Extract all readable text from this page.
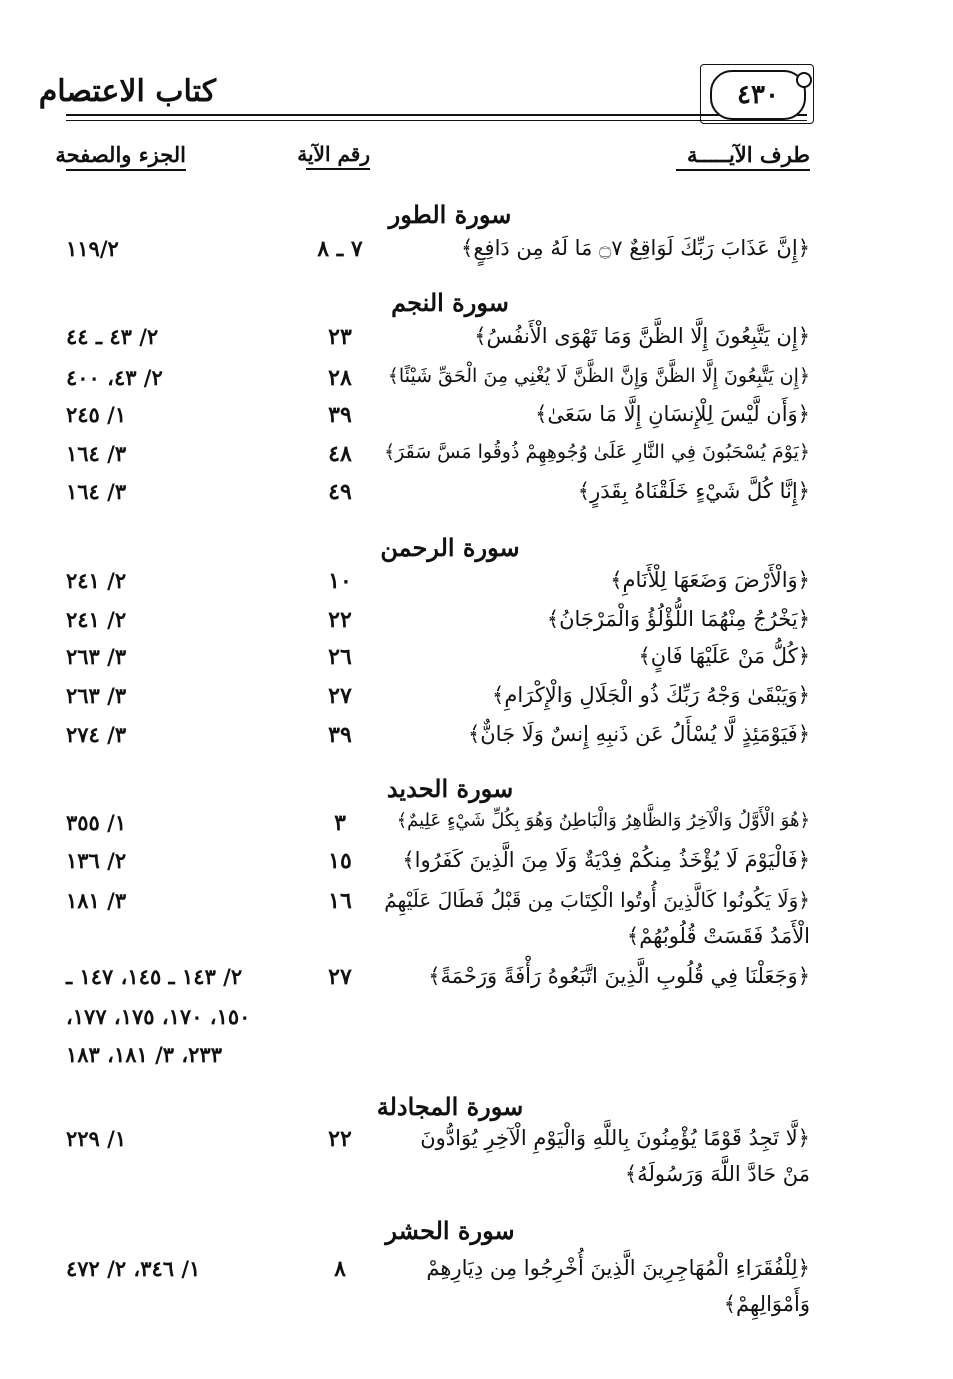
كتاب الاعتصام	٤٣٠
طرف الآيـــــة
رقم الآية
الجزء والصفحة
سورة الطور
﴿إِنَّ عَذَابَ رَبِّكَ لَوَاقِعٌ ۝٧ مَا لَهُ مِن دَافِعٍ﴾
٧ ـ ٨
١١٩/٢
سورة النجم
﴿إِن يَتَّبِعُونَ إِلَّا الظَّنَّ وَمَا تَهْوَى الْأَنفُسُ﴾
٢٣
٢/ ٤٣ ـ ٤٤
﴿إِن يَتَّبِعُونَ إِلَّا الظَّنَّ وَإِنَّ الظَّنَّ لَا يُغْنِي مِنَ الْحَقِّ شَيْئًا﴾
٢٨
٢/ ٤٣، ٤٠٠
﴿وَأَن لَّيْسَ لِلْإِنسَانِ إِلَّا مَا سَعَىٰ﴾
٣٩
١/ ٢٤٥
﴿يَوْمَ يُسْحَبُونَ فِي النَّارِ عَلَىٰ وُجُوهِهِمْ ذُوقُوا مَسَّ سَقَرَ﴾
٤٨
٣/ ١٦٤
﴿إِنَّا كُلَّ شَيْءٍ خَلَقْنَاهُ بِقَدَرٍ﴾
٤٩
٣/ ١٦٤
سورة الرحمن
﴿وَالْأَرْضَ وَضَعَهَا لِلْأَنَامِ﴾
١٠
٢/ ٢٤١
﴿يَخْرُجُ مِنْهُمَا اللُّؤْلُؤُ وَالْمَرْجَانُ﴾
٢٢
٢/ ٢٤١
﴿كُلُّ مَنْ عَلَيْهَا فَانٍ﴾
٢٦
٣/ ٢٦٣
﴿وَيَبْقَىٰ وَجْهُ رَبِّكَ ذُو الْجَلَالِ وَالْإِكْرَامِ﴾
٢٧
٣/ ٢٦٣
﴿فَيَوْمَئِذٍ لَّا يُسْأَلُ عَن ذَنبِهِ إِنسٌ وَلَا جَانٌّ﴾
٣٩
٣/ ٢٧٤
سورة الحديد
﴿هُوَ الْأَوَّلُ وَالْآخِرُ وَالظَّاهِرُ وَالْبَاطِنُ وَهُوَ بِكُلِّ شَيْءٍ عَلِيمٌ﴾
٣
١/ ٣٥٥
﴿فَالْيَوْمَ لَا يُؤْخَذُ مِنكُمْ فِدْيَةٌ وَلَا مِنَ الَّذِينَ كَفَرُوا﴾
١٥
٢/ ١٣٦
﴿وَلَا يَكُونُوا كَالَّذِينَ أُوتُوا الْكِتَابَ مِن قَبْلُ فَطَالَ عَلَيْهِمُ
الْأَمَدُ فَقَسَتْ قُلُوبُهُمْ﴾
١٦
٣/ ١٨١
﴿وَجَعَلْنَا فِي قُلُوبِ الَّذِينَ اتَّبَعُوهُ رَأْفَةً وَرَحْمَةً﴾
٢٧
٢/ ١٤٣ ـ ١٤٥، ١٤٧ ـ
١٥٠، ١٧٠، ١٧٥، ١٧٧،
٢٣٣، ٣/ ١٨١، ١٨٣
سورة المجادلة
﴿لَّا تَجِدُ قَوْمًا يُؤْمِنُونَ بِاللَّهِ وَالْيَوْمِ الْآخِرِ يُوَادُّونَ
مَنْ حَادَّ اللَّهَ وَرَسُولَهُ﴾
٢٢
١/ ٢٢٩
سورة الحشر
﴿لِلْفُقَرَاءِ الْمُهَاجِرِينَ الَّذِينَ أُخْرِجُوا مِن دِيَارِهِمْ
وَأَمْوَالِهِمْ﴾
٨
١/ ٣٤٦، ٢/ ٤٧٢
